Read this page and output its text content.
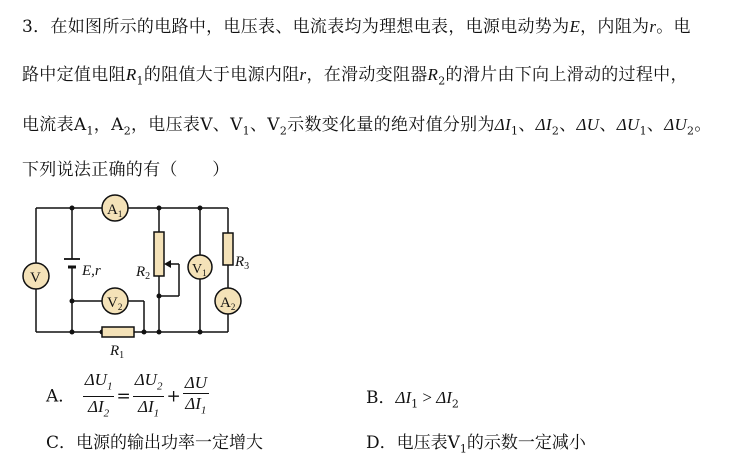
3．在如图所示的电路中，电压表、电流表均为理想电表，电源电动势为E，内阻为r。电
路中定值电阻$R_1$的阻值大于电源内阻r，在滑动变阻器$R_2$的滑片由下向上滑动的过程中，
电流表$A_1$，$A_2$，电压表V、$V_1$、$V_2$示数变化量的绝对值分别为$\Delta I_1$、$\Delta I_2$、ΔU、$\Delta U_1$、$\Delta U_2$。
下列说法正确的有（　　）
E,r
$R_1$
$R_2$
$R_3$
$A_1$
$A_2$
V
$V_1$
$V_2$
A． $\frac{\Delta U_1}{\Delta I_2} = \frac{\Delta U_2}{\Delta I_1} + \frac{\Delta U}{\Delta I_1}$	B．$\Delta I_1 > \Delta I_2$
C．电源的输出功率一定增大	D．电压表$V_1$的示数一定减小
